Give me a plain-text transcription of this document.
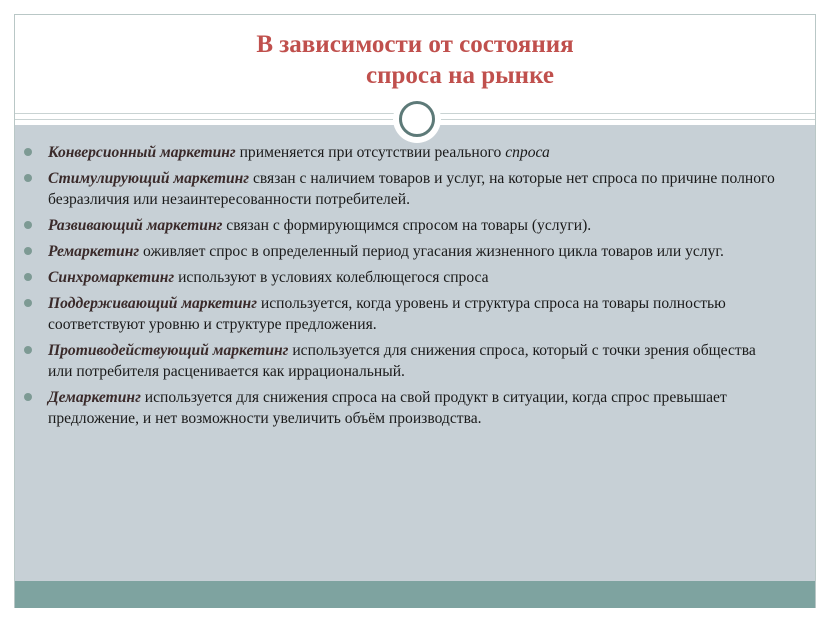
В зависимости от состояния
спроса на рынке
Конверсионный маркетинг применяется при отсутствии реального спроса
Стимулирующий маркетинг связан с наличием товаров и услуг, на которые нет спроса по причине полного безразличия или незаинтересованности потребителей.
Развивающий маркетинг связан с формирующимся спросом на товары (услуги).
Ремаркетинг оживляет спрос в определенный период угасания жизненного цикла товаров или услуг.
Синхромаркетинг используют в условиях колеблющегося спроса
Поддерживающий маркетинг используется, когда уровень и структура спроса на товары полностью соответствуют уровню и структуре предложения.
Противодействующий маркетинг используется для снижения спроса, который с точки зрения общества или потребителя расценивается как иррациональный.
Демаркетинг используется для снижения спроса на свой продукт в ситуации, когда спрос превышает предложение, и нет возможности увеличить объём производства.
